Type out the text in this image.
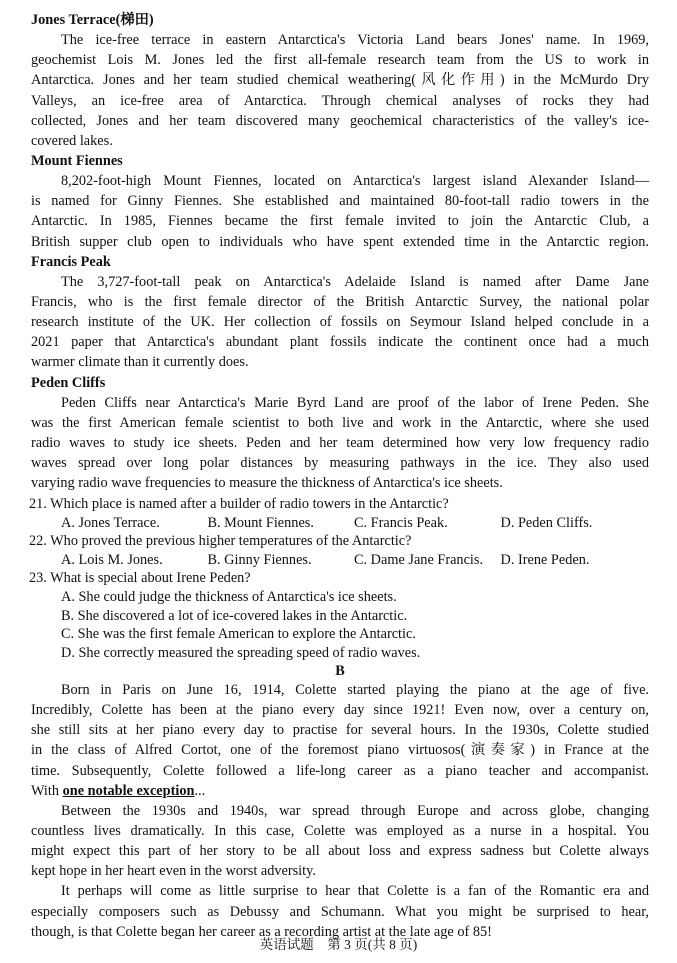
Jones Terrace(梯田)
The ice-free terrace in eastern Antarctica's Victoria Land bears Jones' name. In 1969,
geochemist Lois M. Jones led the first all-female research team from the US to work in
Antarctica. Jones and her team studied chemical weathering(风化作用) in the McMurdo Dry
Valleys, an ice-free area of Antarctica. Through chemical analyses of rocks they had
collected, Jones and her team discovered many geochemical characteristics of the valley's ice-
covered lakes.
Mount Fiennes
8,202-foot-high Mount Fiennes, located on Antarctica's largest island Alexander Island—
is named for Ginny Fiennes. She established and maintained 80-foot-tall radio towers in the
Antarctic. In 1985, Fiennes became the first female invited to join the Antarctic Club, a
British supper club open to individuals who have spent extended time in the Antarctic region.
Francis Peak
The 3,727-foot-tall peak on Antarctica's Adelaide Island is named after Dame Jane
Francis, who is the first female director of the British Antarctic Survey, the national polar
research institute of the UK. Her collection of fossils on Seymour Island helped conclude in a
2021 paper that Antarctica's abundant plant fossils indicate the continent once had a much
warmer climate than it currently does.
Peden Cliffs
Peden Cliffs near Antarctica's Marie Byrd Land are proof of the labor of Irene Peden. She
was the first American female scientist to both live and work in the Antarctic, where she used
radio waves to study ice sheets. Peden and her team determined how very low frequency radio
waves spread over long polar distances by measuring pathways in the ice. They also used
varying radio wave frequencies to measure the thickness of Antarctica's ice sheets.
21. Which place is named after a builder of radio towers in the Antarctic?
A. Jones Terrace.	B. Mount Fiennes.	C. Francis Peak.	D. Peden Cliffs.
22. Who proved the previous higher temperatures of the Antarctic?
A. Lois M. Jones.	B. Ginny Fiennes.	C. Dame Jane Francis.	D. Irene Peden.
23. What is special about Irene Peden?
A. She could judge the thickness of Antarctica's ice sheets.
B. She discovered a lot of ice-covered lakes in the Antarctic.
C. She was the first female American to explore the Antarctic.
D. She correctly measured the spreading speed of radio waves.
B
Born in Paris on June 16, 1914, Colette started playing the piano at the age of five.
Incredibly, Colette has been at the piano every day since 1921! Even now, over a century on,
she still sits at her piano every day to practise for several hours. In the 1930s, Colette studied
in the class of Alfred Cortot, one of the foremost piano virtuosos(演奏家) in France at the
time. Subsequently, Colette followed a life-long career as a piano teacher and accompanist.
With one notable exception...
Between the 1930s and 1940s, war spread through Europe and across globe, changing
countless lives dramatically. In this case, Colette was employed as a nurse in a hospital. You
might expect this part of her story to be all about loss and express sadness but Colette always
kept hope in her heart even in the worst adversity.
It perhaps will come as little surprise to hear that Colette is a fan of the Romantic era and
especially composers such as Debussy and Schumann. What you might be surprised to hear,
though, is that Colette began her career as a recording artist at the late age of 85!
英语试题　第 3 页(共 8 页)
